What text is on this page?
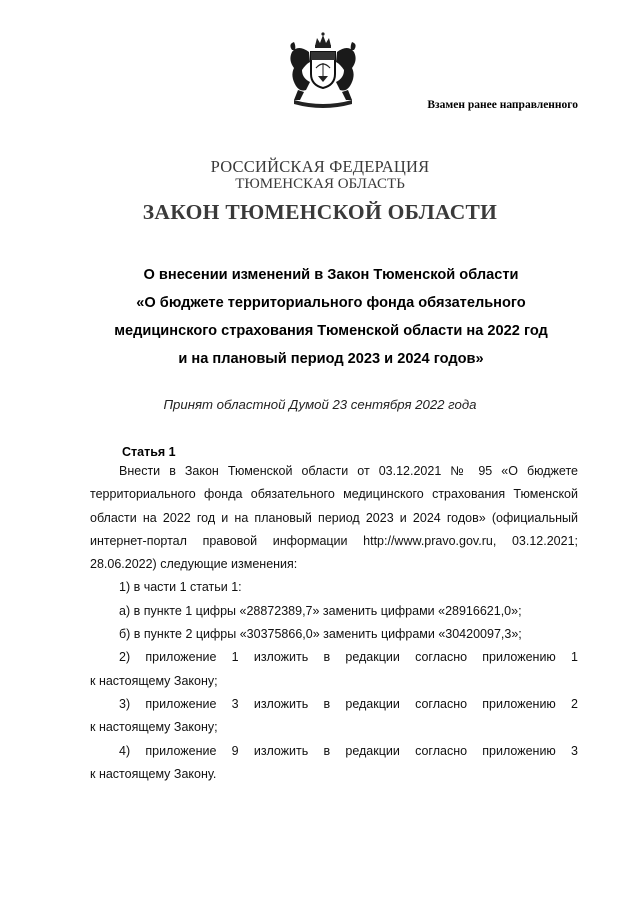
Взамен ранее направленного
РОССИЙСКАЯ ФЕДЕРАЦИЯ
ТЮМЕНСКАЯ ОБЛАСТЬ
ЗАКОН ТЮМЕНСКОЙ ОБЛАСТИ
О внесении изменений в Закон Тюменской области
«О бюджете территориального фонда обязательного
медицинского страхования Тюменской области на 2022 год
и на плановый период 2023 и 2024 годов»
Принят областной Думой 23 сентября 2022 года
Статья 1
Внести в Закон Тюменской области от 03.12.2021 № 95 «О бюджете
территориального фонда обязательного медицинского страхования Тюменской
области на 2022 год и на плановый период 2023 и 2024 годов» (официальный
интернет-портал правовой информации http://www.pravo.gov.ru, 03.12.2021;
28.06.2022) следующие изменения:
1) в части 1 статьи 1:
а) в пункте 1 цифры «28872389,7» заменить цифрами «28916621,0»;
б) в пункте 2 цифры «30375866,0» заменить цифрами «30420097,3»;
2) приложение 1 изложить в редакции согласно приложению 1
к настоящему Закону;
3) приложение 3 изложить в редакции согласно приложению 2
к настоящему Закону;
4) приложение 9 изложить в редакции согласно приложению 3
к настоящему Закону.
